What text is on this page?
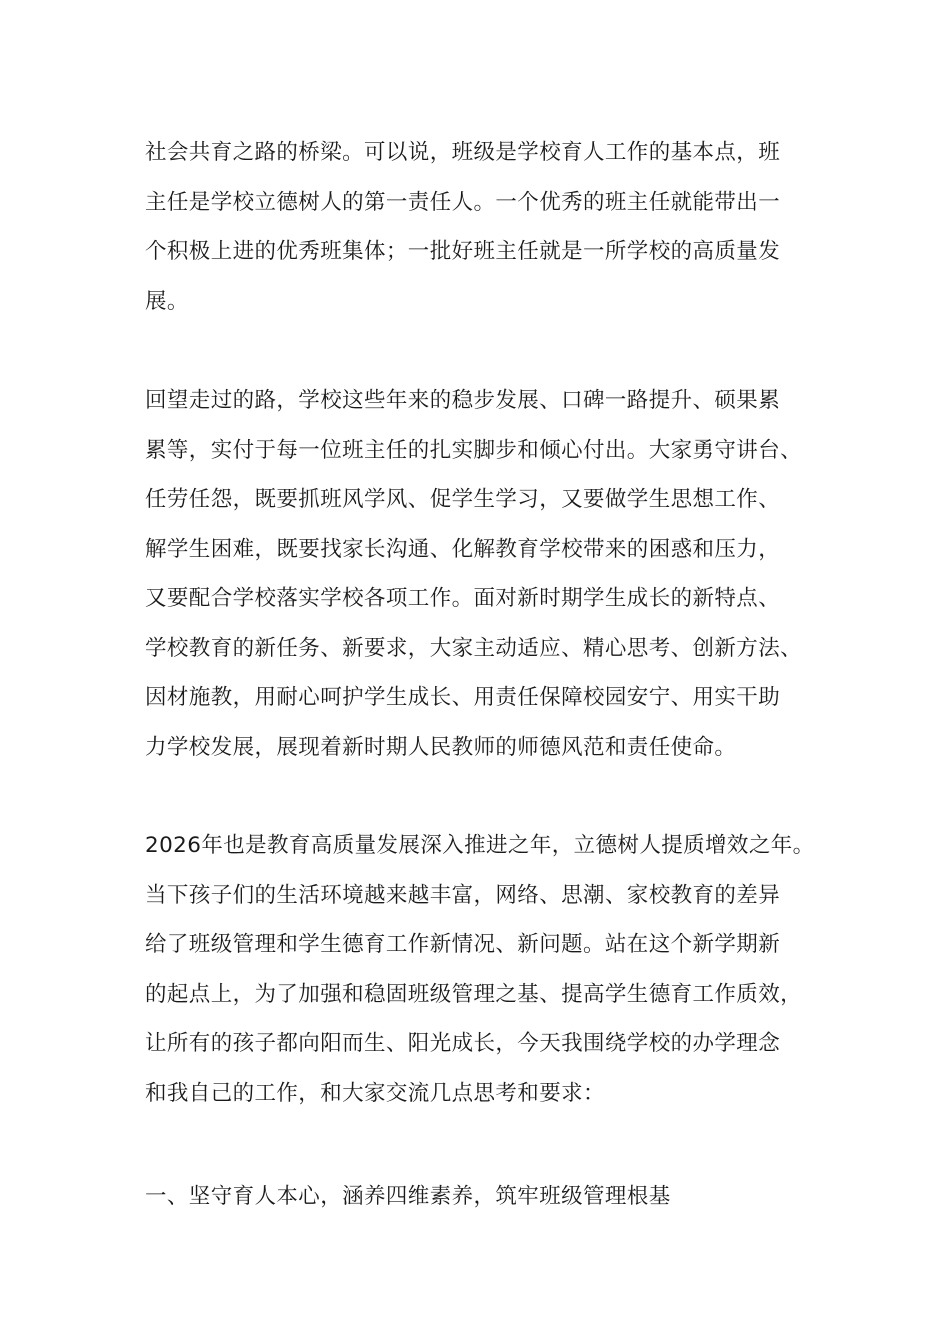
社会共育之路的桥梁。可以说，班级是学校育人工作的基本点，班
主任是学校立德树人的第一责任人。一个优秀的班主任就能带出一
个积极上进的优秀班集体；一批好班主任就是一所学校的高质量发
展。

回望走过的路，学校这些年来的稳步发展、口碑一路提升、硕果累
累等，实付于每一位班主任的扎实脚步和倾心付出。大家勇守讲台、
任劳任怨，既要抓班风学风、促学生学习，又要做学生思想工作、
解学生困难，既要找家长沟通、化解教育学校带来的困惑和压力，
又要配合学校落实学校各项工作。面对新时期学生成长的新特点、
学校教育的新任务、新要求，大家主动适应、精心思考、创新方法、
因材施教，用耐心呵护学生成长、用责任保障校园安宁、用实干助
力学校发展，展现着新时期人民教师的师德风范和责任使命。

2026年也是教育高质量发展深入推进之年，立德树人提质增效之年。
当下孩子们的生活环境越来越丰富，网络、思潮、家校教育的差异
给了班级管理和学生德育工作新情况、新问题。站在这个新学期新
的起点上，为了加强和稳固班级管理之基、提高学生德育工作质效，
让所有的孩子都向阳而生、阳光成长，今天我围绕学校的办学理念
和我自己的工作，和大家交流几点思考和要求：

一、坚守育人本心，涵养四维素养，筑牢班级管理根基
